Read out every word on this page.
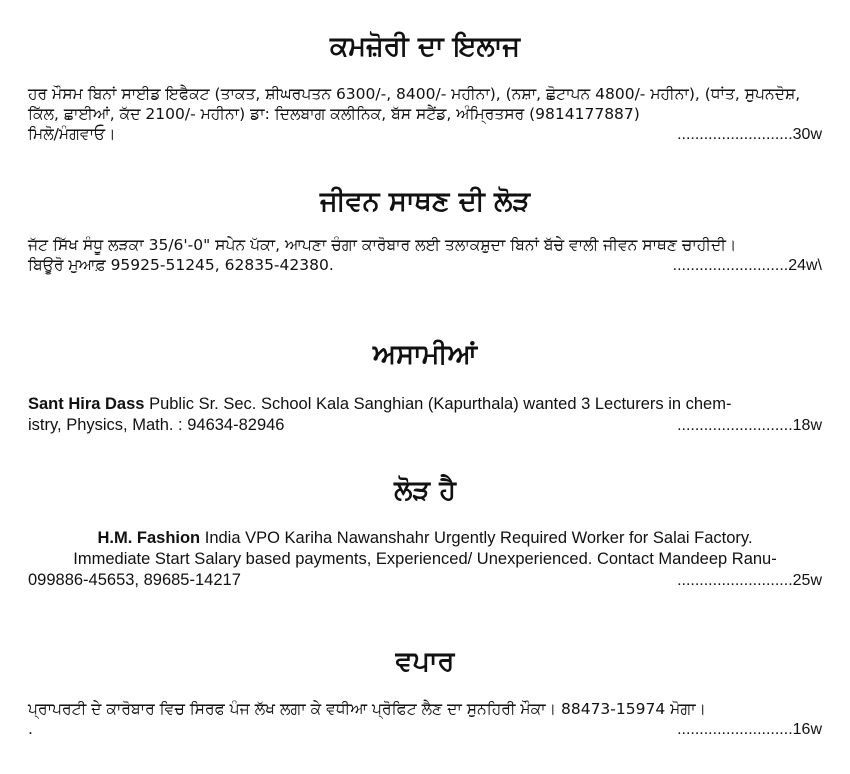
ਕਮਜ਼ੋਰੀ ਦਾ ਇਲਾਜ

ਹਰ ਮੌਸਮ ਬਿਨਾਂ ਸਾਈਡ ਇਫੈਕਟ (ਤਾਕਤ, ਸ਼ੀਘਰਪਤਨ 6300/-, 8400/- ਮਹੀਨਾ), (ਨਸ਼ਾ, ਛੋਟਾਪਨ 4800/- ਮਹੀਨਾ), (ਧਾਂਤ, ਸੁਪਨਦੋਸ਼, ਕਿੱਲ, ਛਾਈਆਂ, ਕੱਦ 2100/- ਮਹੀਨਾ) ਡਾ: ਦਿਲਬਾਗ ਕਲੀਨਿਕ, ਬੱਸ ਸਟੈਂਡ, ਅੰਮ੍ਰਿਤਸਰ (9814177887)

ਮਿਲੋ/ਮੰਗਵਾਓ।	..........................30w
ਜੀਵਨ ਸਾਥਣ ਦੀ ਲੋੜ

ਜੱਟ ਸਿੱਖ ਸੰਧੂ ਲੜਕਾ 35/6'-0" ਸਪੇਨ ਪੱਕਾ, ਆਪਣਾ ਚੰਗਾ ਕਾਰੋਬਾਰ ਲਈ ਤਲਾਕਸ਼ੁਦਾ ਬਿਨਾਂ ਬੱਚੇ ਵਾਲੀ ਜੀਵਨ ਸਾਥਣ ਚਾਹੀਦੀ।

ਬਿਊਰੋ ਮੁਆਫ਼ 95925-51245, 62835-42380.	..........................24w\
ਅਸਾਮੀਆਂ

Sant Hira Dass Public Sr. Sec. School Kala Sanghian (Kapurthala) wanted 3 Lecturers in chem-

istry, Physics, Math. : 94634-82946	..........................18w
ਲੋੜ ਹੈ

H.M. Fashion India VPO Kariha Nawanshahr Urgently Required Worker for Salai Factory.

Immediate Start Salary based payments, Experienced/ Unexperienced. Contact Mandeep Ranu-

099886-45653, 89685-14217	..........................25w
ਵਪਾਰ

ਪ੍ਰਾਪਰਟੀ ਦੇ ਕਾਰੋਬਾਰ ਵਿਚ ਸਿਰਫ ਪੰਜ ਲੱਖ ਲਗਾ ਕੇ ਵਧੀਆ ਪ੍ਰੋਫਿਟ ਲੈਣ ਦਾ ਸੁਨਹਿਰੀ ਮੌਕਾ। 88473-15974 ਮੋਗਾ।

.	..........................16w
